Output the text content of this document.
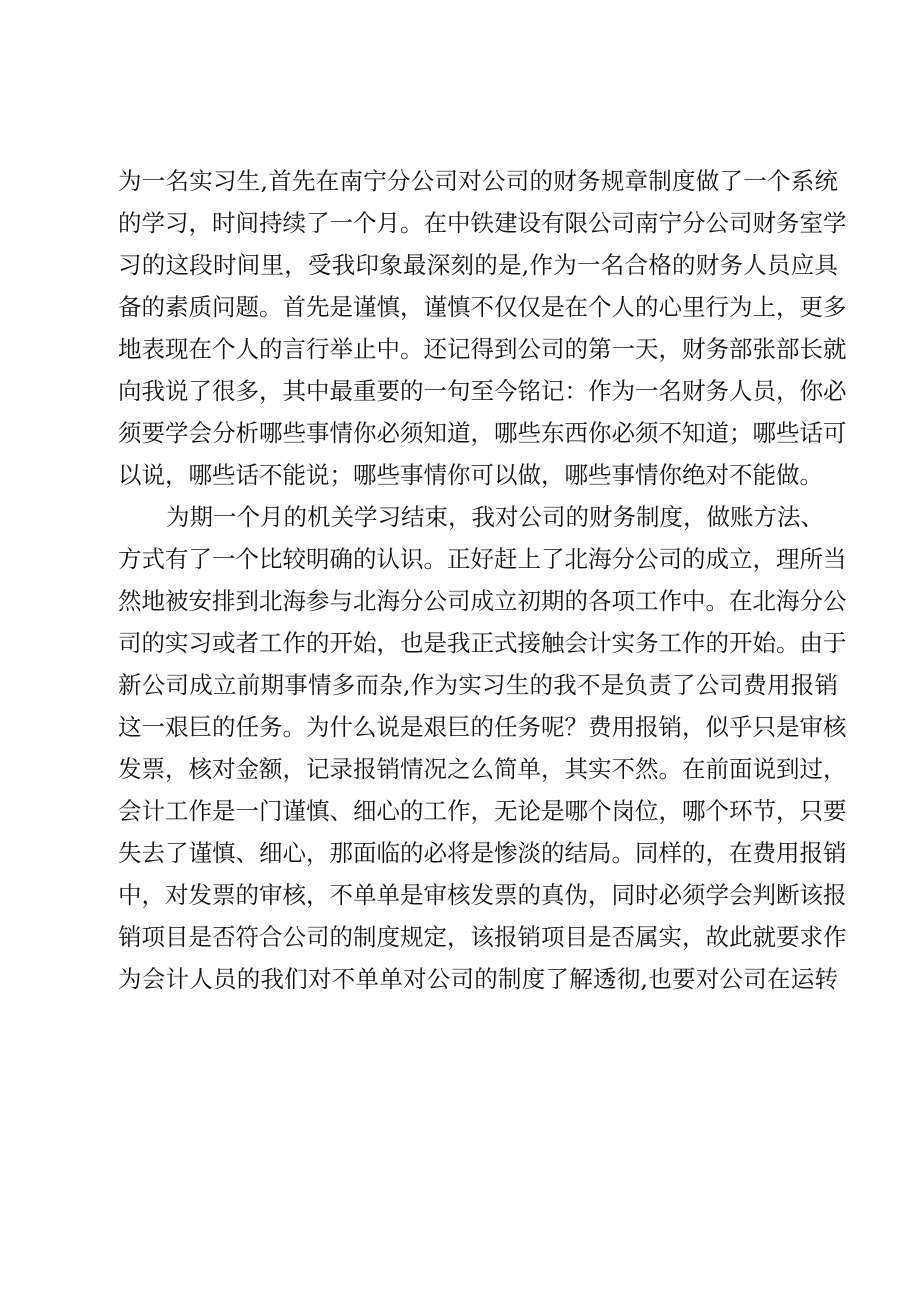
为一名实习生,首先在南宁分公司对公司的财务规章制度做了一个系统
的学习，时间持续了一个月。在中铁建设有限公司南宁分公司财务室学
习的这段时间里，受我印象最深刻的是,作为一名合格的财务人员应具
备的素质问题。首先是谨慎，谨慎不仅仅是在个人的心里行为上，更多
地表现在个人的言行举止中。还记得到公司的第一天，财务部张部长就
向我说了很多，其中最重要的一句至今铭记：作为一名财务人员，你必
须要学会分析哪些事情你必须知道，哪些东西你必须不知道；哪些话可
以说，哪些话不能说；哪些事情你可以做，哪些事情你绝对不能做。
为期一个月的机关学习结束，我对公司的财务制度，做账方法、
方式有了一个比较明确的认识。正好赶上了北海分公司的成立，理所当
然地被安排到北海参与北海分公司成立初期的各项工作中。在北海分公
司的实习或者工作的开始，也是我正式接触会计实务工作的开始。由于
新公司成立前期事情多而杂,作为实习生的我不是负责了公司费用报销
这一艰巨的任务。为什么说是艰巨的任务呢？费用报销，似乎只是审核
发票，核对金额，记录报销情况之么简单，其实不然。在前面说到过，
会计工作是一门谨慎、细心的工作，无论是哪个岗位，哪个环节，只要
失去了谨慎、细心，那面临的必将是惨淡的结局。同样的，在费用报销
中，对发票的审核，不单单是审核发票的真伪，同时必须学会判断该报
销项目是否符合公司的制度规定，该报销项目是否属实，故此就要求作
为会计人员的我们对不单单对公司的制度了解透彻,也要对公司在运转
